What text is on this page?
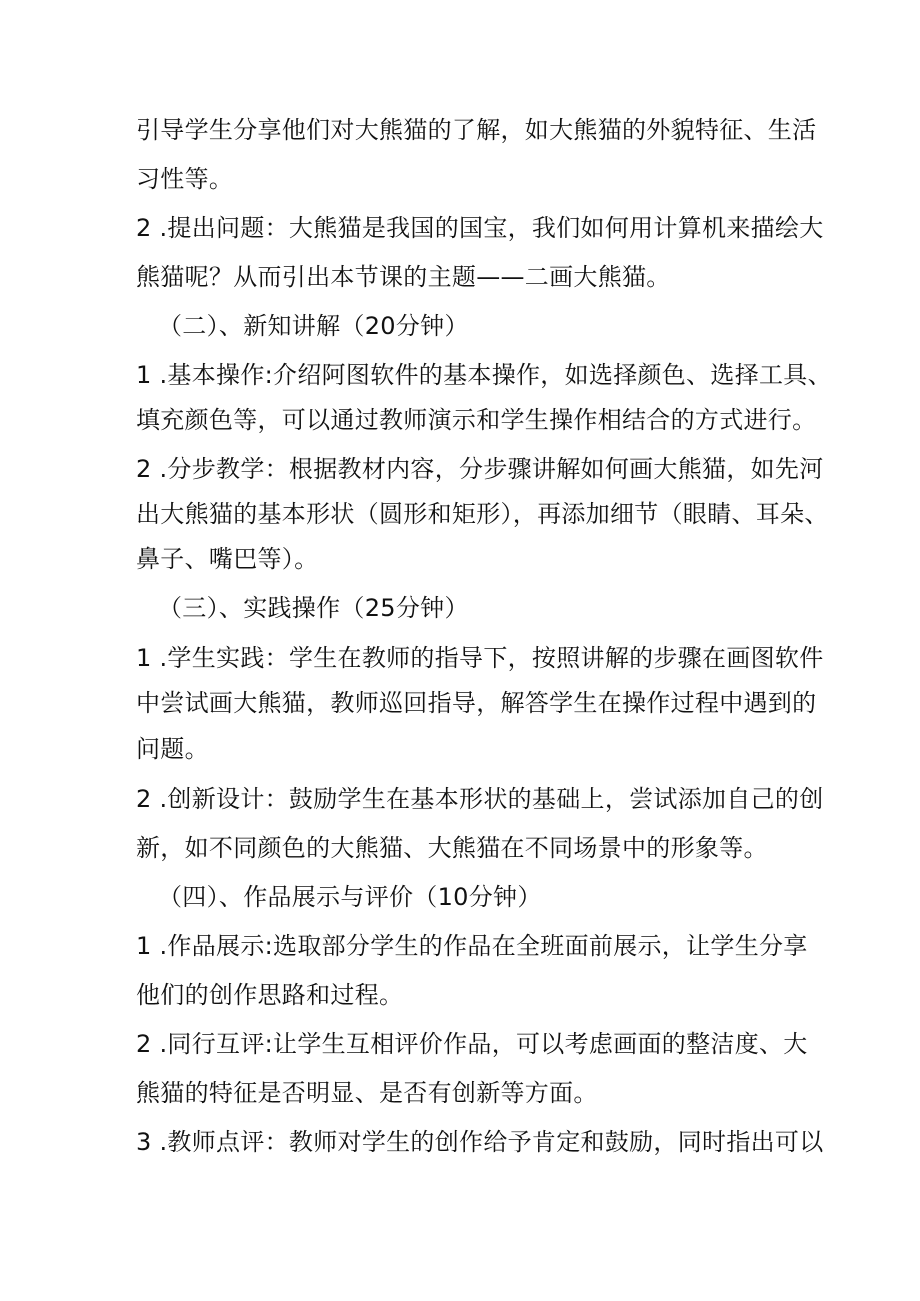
引导学生分享他们对大熊猫的了解，如大熊猫的外貌特征、生活
习性等。
2 .提出问题：大熊猫是我国的国宝，我们如何用计算机来描绘大
熊猫呢？从而引出本节课的主题——二画大熊猫。
（二）、新知讲解（20分钟）
1 .基本操作:介绍阿图软件的基本操作，如选择颜色、选择工具、
填充颜色等，可以通过教师演示和学生操作相结合的方式进行。
2 .分步教学：根据教材内容，分步骤讲解如何画大熊猫，如先河
出大熊猫的基本形状（圆形和矩形），再添加细节（眼睛、耳朵、
鼻子、嘴巴等）。
（三）、实践操作（25分钟）
1 .学生实践：学生在教师的指导下，按照讲解的步骤在画图软件
中尝试画大熊猫，教师巡回指导，解答学生在操作过程中遇到的
问题。
2 .创新设计：鼓励学生在基本形状的基础上，尝试添加自己的创
新，如不同颜色的大熊猫、大熊猫在不同场景中的形象等。
（四）、作品展示与评价（10分钟）
1 .作品展示:选取部分学生的作品在全班面前展示，让学生分享
他们的创作思路和过程。
2 .同行互评:让学生互相评价作品，可以考虑画面的整洁度、大
熊猫的特征是否明显、是否有创新等方面。
3 .教师点评：教师对学生的创作给予肯定和鼓励，同时指出可以
